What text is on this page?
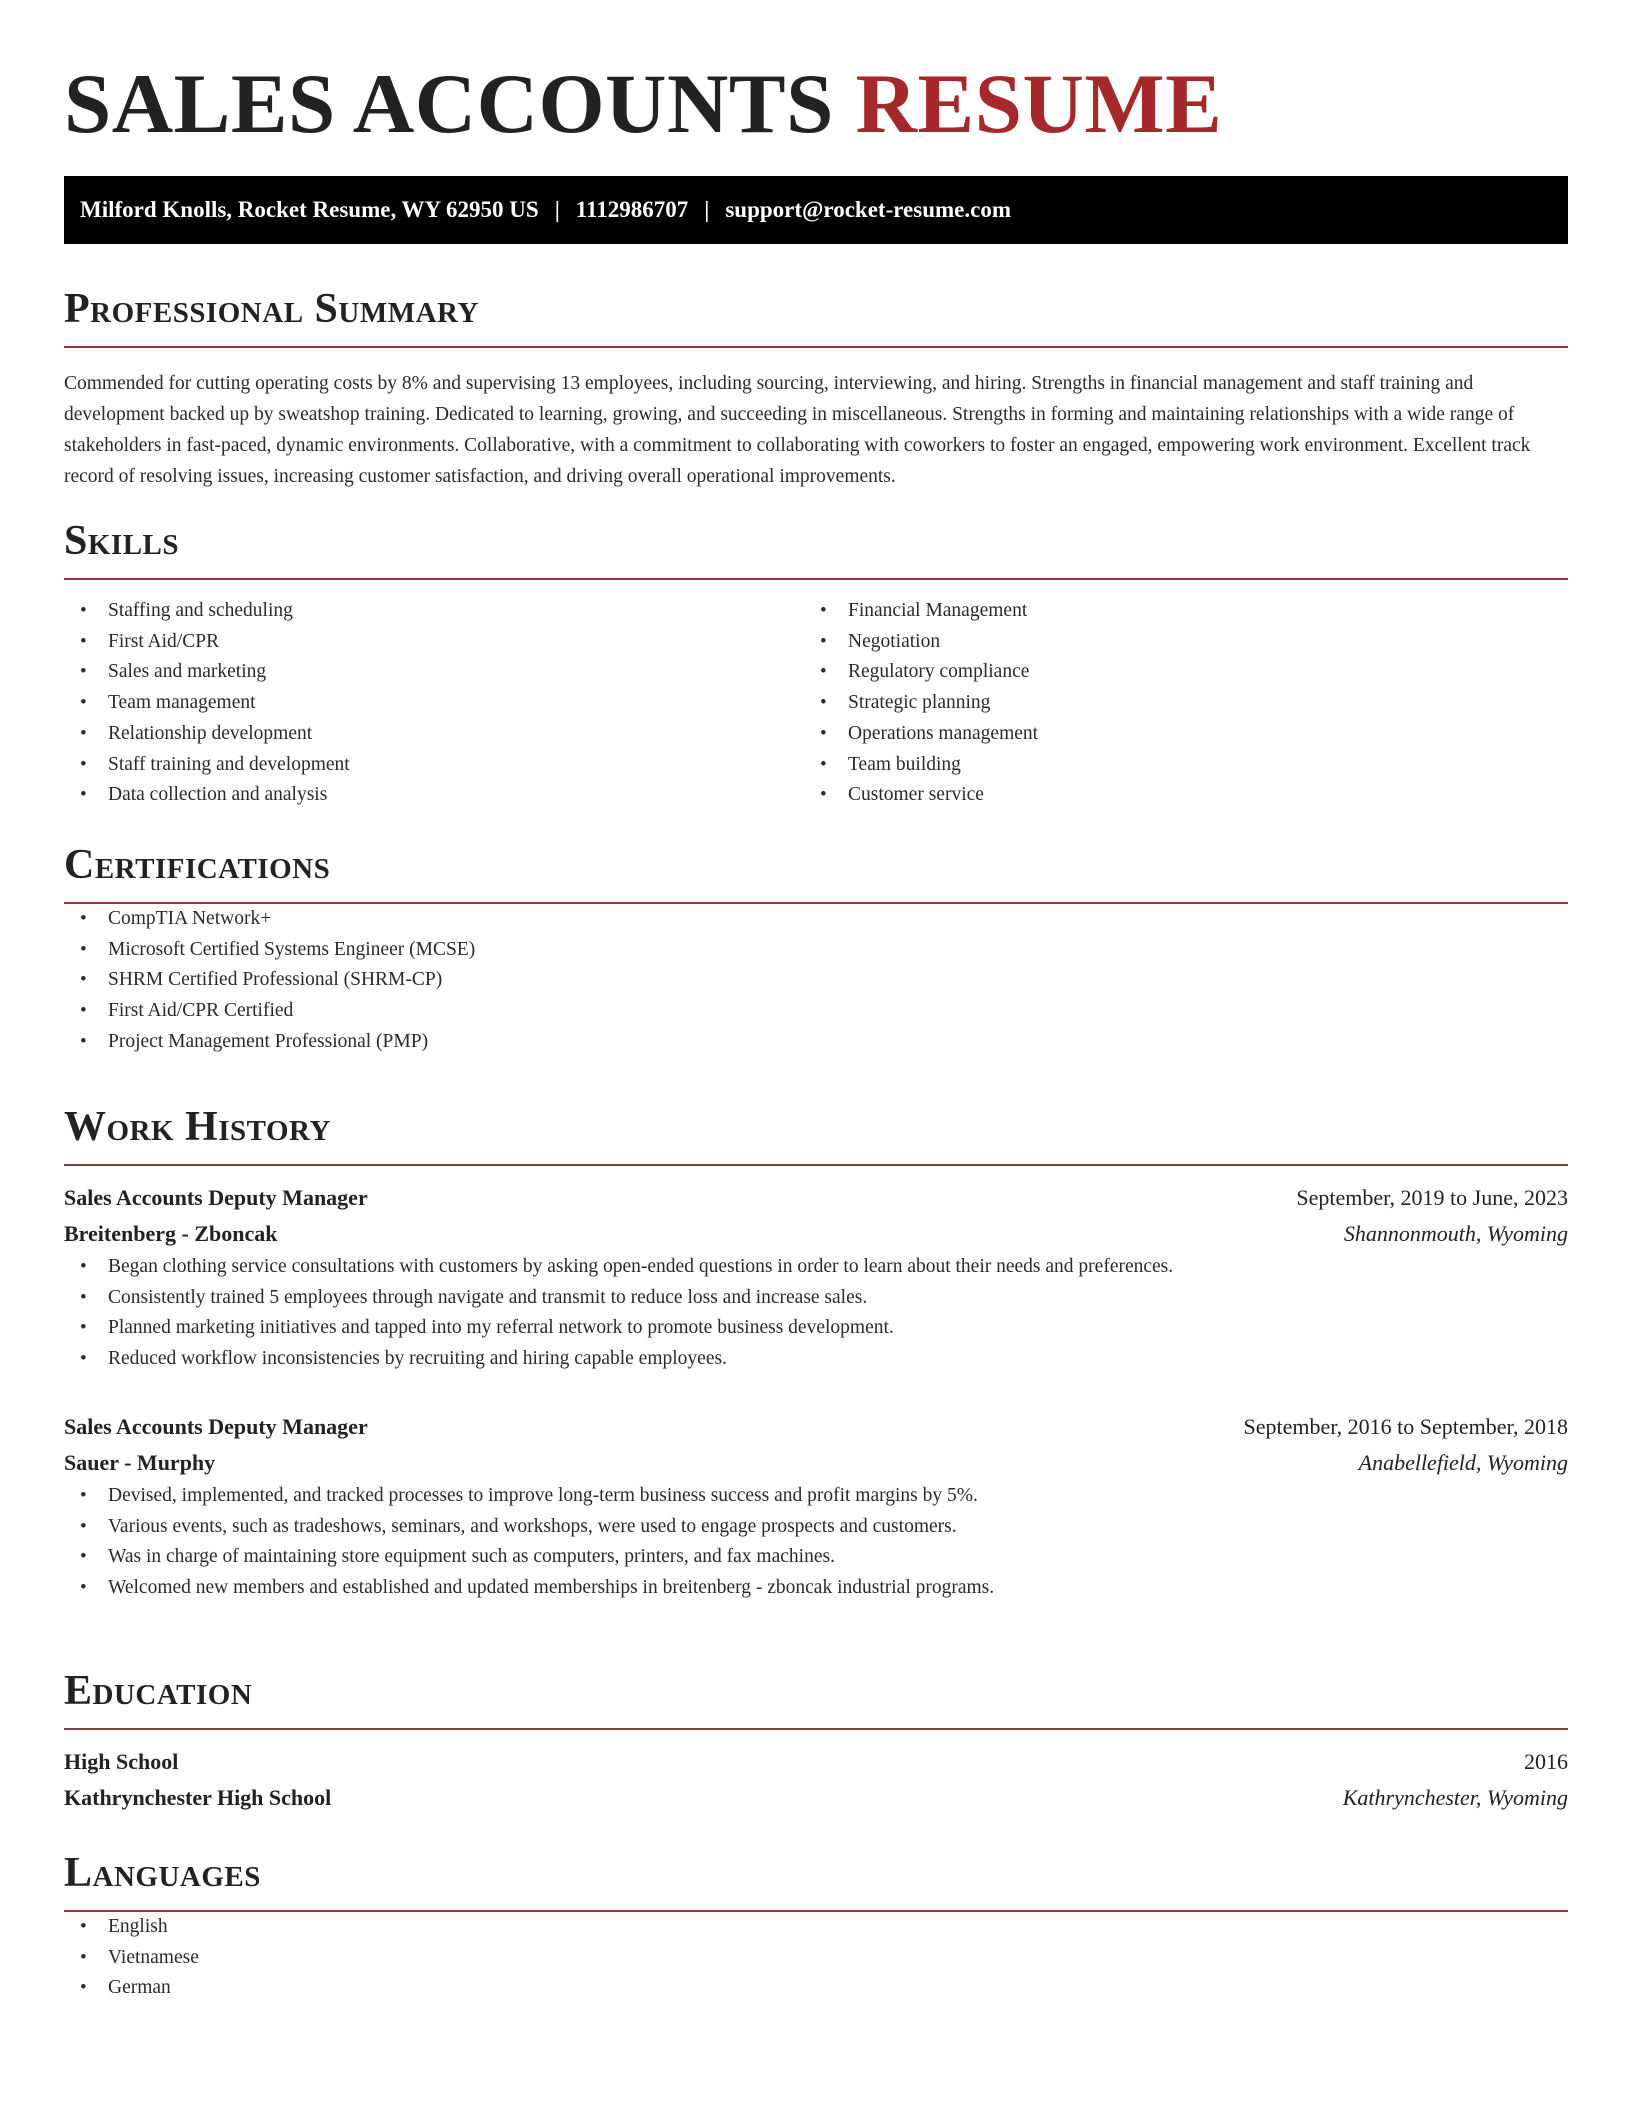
SALES ACCOUNTS RESUME
Milford Knolls, Rocket Resume, WY 62950 US | 1112986707 | support@rocket-resume.com
Professional Summary

Commended for cutting operating costs by 8% and supervising 13 employees, including sourcing, interviewing, and hiring. Strengths in financial management and staff training and development backed up by sweatshop training. Dedicated to learning, growing, and succeeding in miscellaneous. Strengths in forming and maintaining relationships with a wide range of stakeholders in fast-paced, dynamic environments. Collaborative, with a commitment to collaborating with coworkers to foster an engaged, empowering work environment. Excellent track record of resolving issues, increasing customer satisfaction, and driving overall operational improvements.

Skills
• Staffing and scheduling
• First Aid/CPR
• Sales and marketing
• Team management
• Relationship development
• Staff training and development
• Data collection and analysis
• Financial Management
• Negotiation
• Regulatory compliance
• Strategic planning
• Operations management
• Team building
• Customer service
Certifications
• CompTIA Network+
• Microsoft Certified Systems Engineer (MCSE)
• SHRM Certified Professional (SHRM-CP)
• First Aid/CPR Certified
• Project Management Professional (PMP)
Work History
Sales Accounts Deputy Manager	September, 2019 to June, 2023
Breitenberg - Zboncak	Shannonmouth, Wyoming
• Began clothing service consultations with customers by asking open-ended questions in order to learn about their needs and preferences.
• Consistently trained 5 employees through navigate and transmit to reduce loss and increase sales.
• Planned marketing initiatives and tapped into my referral network to promote business development.
• Reduced workflow inconsistencies by recruiting and hiring capable employees.
Sales Accounts Deputy Manager	September, 2016 to September, 2018
Sauer - Murphy	Anabellefield, Wyoming
• Devised, implemented, and tracked processes to improve long-term business success and profit margins by 5%.
• Various events, such as tradeshows, seminars, and workshops, were used to engage prospects and customers.
• Was in charge of maintaining store equipment such as computers, printers, and fax machines.
• Welcomed new members and established and updated memberships in breitenberg - zboncak industrial programs.
Education
High School	2016
Kathrynchester High School	Kathrynchester, Wyoming
Languages
• English
• Vietnamese
• German
